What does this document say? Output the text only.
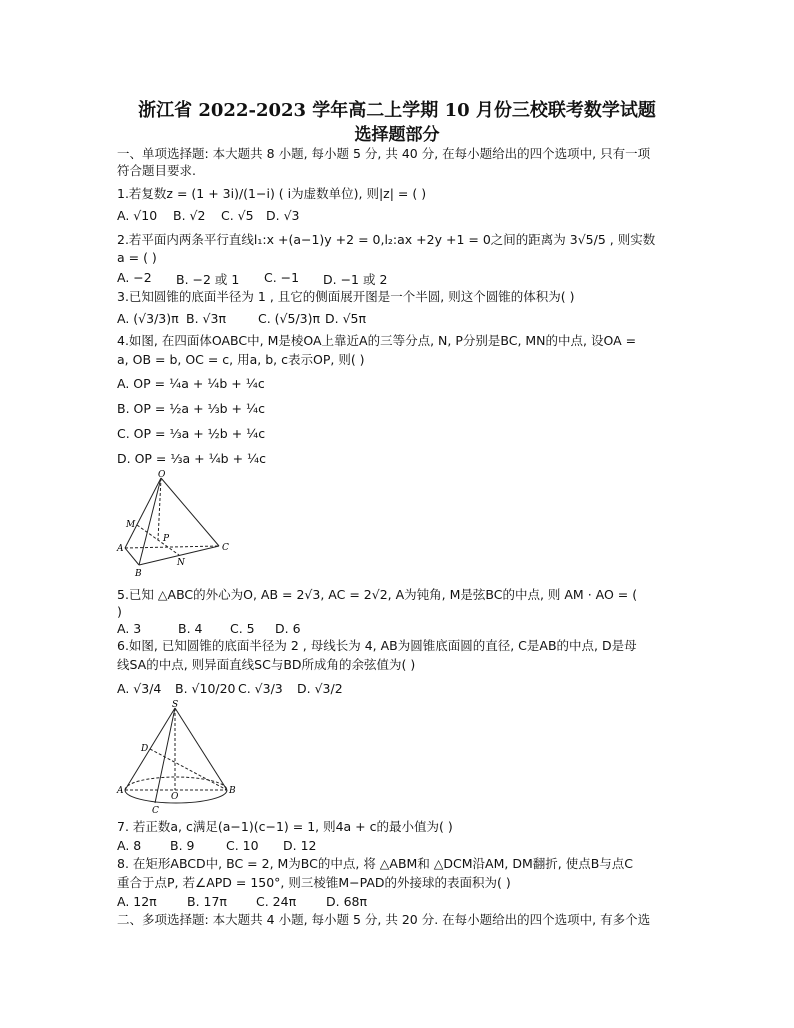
浙江省 2022-2023 学年高二上学期 10 月份三校联考数学试题
选择题部分
一、单项选择题: 本大题共 8 小题, 每小题 5 分, 共 40 分, 在每小题给出的四个选项中, 只有一项
符合题目要求.
1.若复数z = (1 + 3i)/(1−i) ( i为虚数单位), 则|z| = ( )
A. √10 B. √2 C. √5 D. √3
2.若平面内两条平行直线l₁:x +(a−1)y +2 = 0,l₂:ax +2y +1 = 0之间的距离为 3√5/5 , 则实数
a = ( )
A. −2 B. −2 或 1 C. −1 D. −1 或 2
3.已知圆锥的底面半径为 1 , 且它的侧面展开图是一个半圆, 则这个圆锥的体积为( )
A. (√3/3)π B. √3π	C. (√5/3)π D. √5π
4.如图, 在四面体OABC中, M是棱OA上靠近A的三等分点, N, P分别是BC, MN的中点, 设OA =
a, OB = b, OC = c, 用a, b, c表示OP, 则( )
A. OP = ¼a + ¼b + ¼c
B. OP = ½a + ⅓b + ¼c
C. OP = ⅓a + ½b + ¼c
D. OP = ⅓a + ¼b + ¼c
O
M
P
A
N
C
B
5.已知 △ABC的外心为O, AB = 2√3, AC = 2√2, A为钝角, M是弦BC的中点, 则 AM · AO = (
)
A. 3	B. 4 C. 5 D. 6
6.如图, 已知圆锥的底面半径为 2 , 母线长为 4, AB为圆锥底面圆的直径, C是AB的中点, D是母
线SA的中点, 则异面直线SC与BD所成角的余弦值为( )
A. √3/4 B. √10/20 C. √3/3 D. √3/2
S
D
A
O
B
C
7. 若正数a, c满足(a−1)(c−1) = 1, 则4a + c的最小值为( )
A. 8 B. 9	C. 10 D. 12
8. 在矩形ABCD中, BC = 2, M为BC的中点, 将 △ABM和 △DCM沿AM, DM翻折, 使点B与点C
重合于点P, 若∠APD = 150°, 则三棱锥M−PAD的外接球的表面积为( )
A. 12π B. 17π C. 24π D. 68π
二、多项选择题: 本大题共 4 小题, 每小题 5 分, 共 20 分. 在每小题给出的四个选项中, 有多个选
